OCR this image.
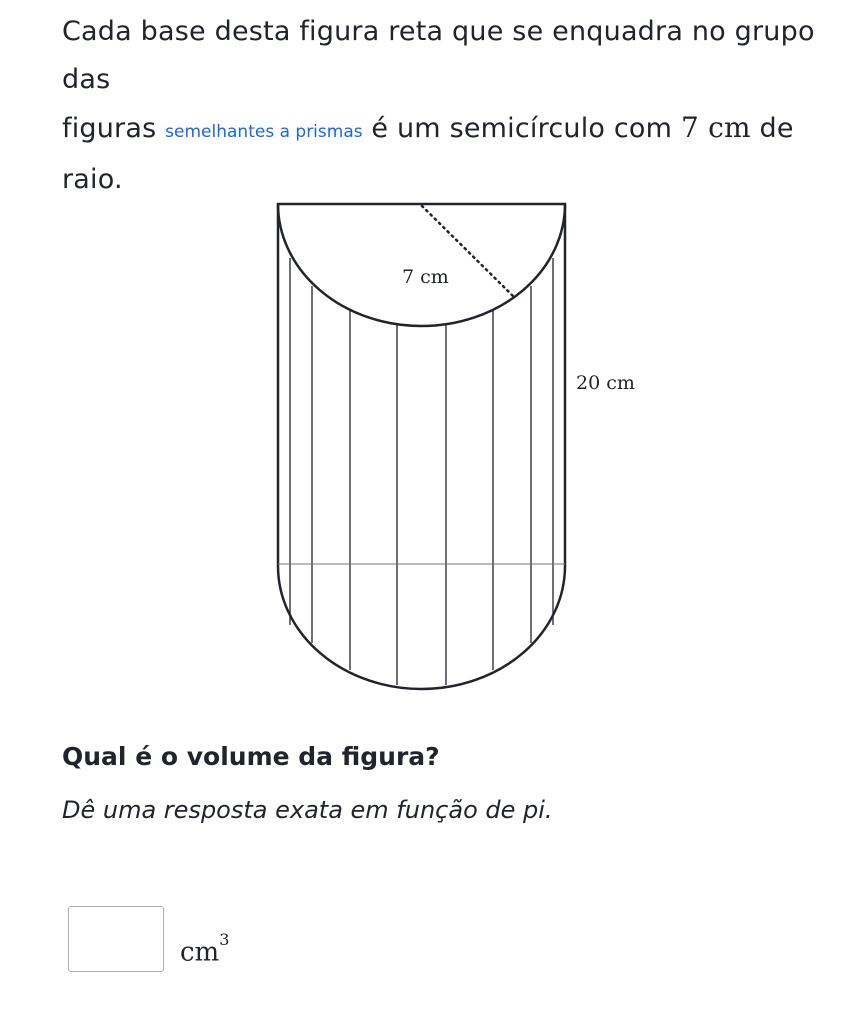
Cada base desta figura reta que se enquadra no grupo das
figuras semelhantes a prismas é um semicírculo com 7 cm de
raio.
7 cm
20 cm
Qual é o volume da figura?
Dê uma resposta exata em função de pi.
$cm^3$
